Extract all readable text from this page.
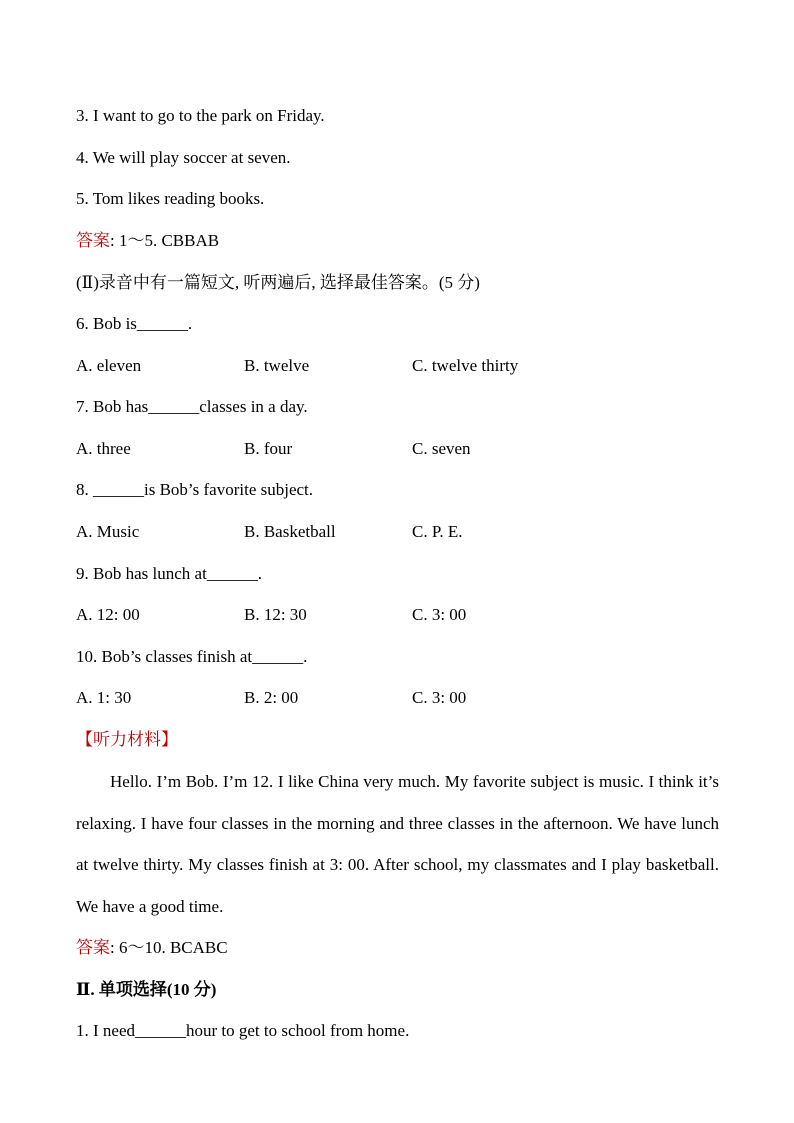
3. I want to go to the park on Friday.
4. We will play soccer at seven.
5. Tom likes reading books.
答案: 1～5. CBBAB
(Ⅱ)录音中有一篇短文, 听两遍后, 选择最佳答案。(5 分)
6. Bob is______.
A. eleven	B. twelve	C. twelve thirty
7. Bob has______classes in a day.
A. three	B. four	C. seven
8. ______is Bob’s favorite subject.
A. Music	B. Basketball	C. P. E.
9. Bob has lunch at______.
A. 12: 00	B. 12: 30	C. 3: 00
10. Bob’s classes finish at______.
A. 1: 30	B. 2: 00	C. 3: 00
【听力材料】
Hello. I’m Bob. I’m 12. I like China very much. My favorite subject is music. I think it’s relaxing. I have four classes in the morning and three classes in the afternoon. We have lunch at twelve thirty. My classes finish at 3: 00. After school, my classmates and I play basketball. We have a good time.
答案: 6～10. BCABC
Ⅱ. 单项选择(10 分)
1. I need______hour to get to school from home.
